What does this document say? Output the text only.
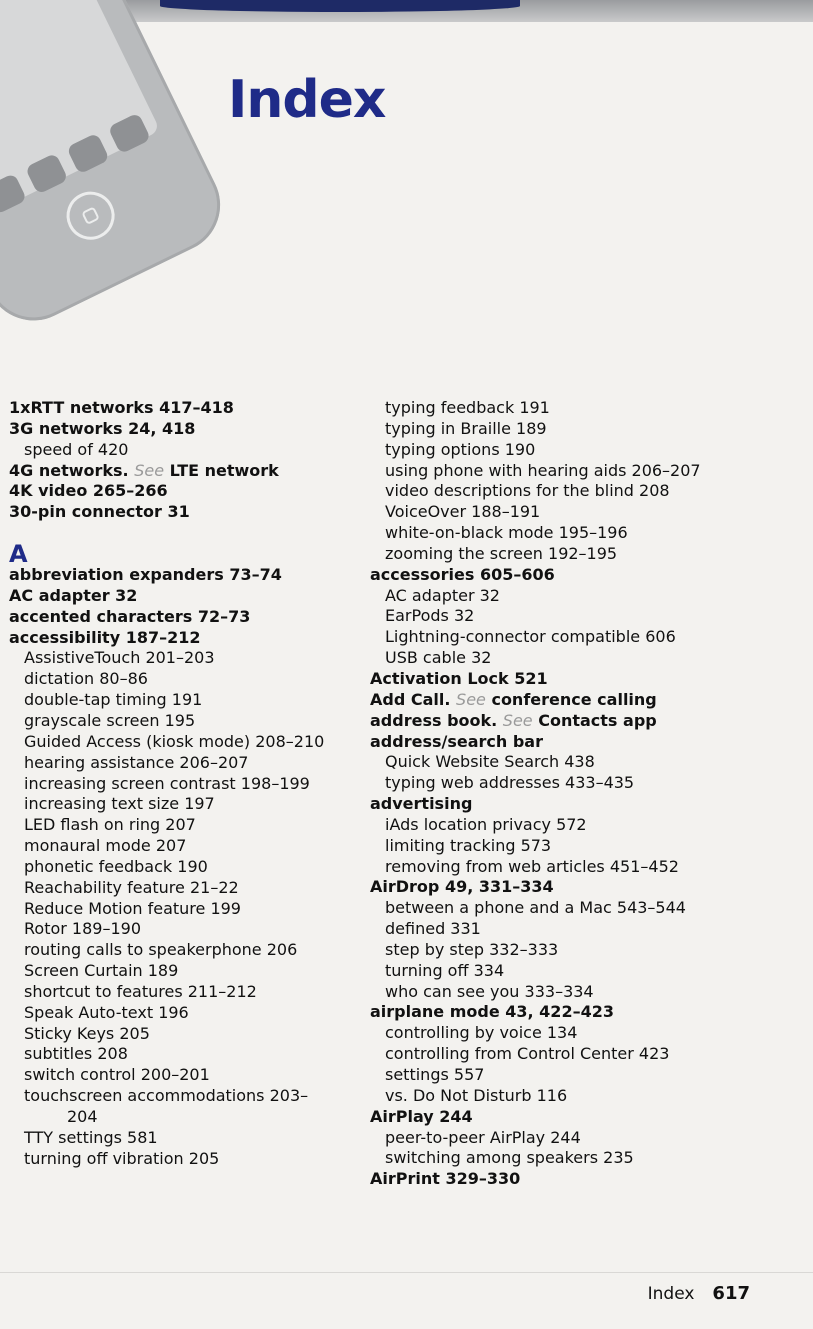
Index
1xRTT networks 417–418
3G networks 24, 418
speed of 420
4G networks. See LTE network
4K video 265–266
30-pin connector 31
A
abbreviation expanders 73–74
AC adapter 32
accented characters 72–73
accessibility 187–212
AssistiveTouch 201–203
dictation 80–86
double-tap timing 191
grayscale screen 195
Guided Access (kiosk mode) 208–210
hearing assistance 206–207
increasing screen contrast 198–199
increasing text size 197
LED flash on ring 207
monaural mode 207
phonetic feedback 190
Reachability feature 21–22
Reduce Motion feature 199
Rotor 189–190
routing calls to speakerphone 206
Screen Curtain 189
shortcut to features 211–212
Speak Auto-text 196
Sticky Keys 205
subtitles 208
switch control 200–201
touchscreen accommodations 203–
204
TTY settings 581
turning off vibration 205
typing feedback 191
typing in Braille 189
typing options 190
using phone with hearing aids 206–207
video descriptions for the blind 208
VoiceOver 188–191
white-on-black mode 195–196
zooming the screen 192–195
accessories 605–606
AC adapter 32
EarPods 32
Lightning-connector compatible 606
USB cable 32
Activation Lock 521
Add Call. See conference calling
address book. See Contacts app
address/search bar
Quick Website Search 438
typing web addresses 433–435
advertising
iAds location privacy 572
limiting tracking 573
removing from web articles 451–452
AirDrop 49, 331–334
between a phone and a Mac 543–544
defined 331
step by step 332–333
turning off 334
who can see you 333–334
airplane mode 43, 422–423
controlling by voice 134
controlling from Control Center 423
settings 557
vs. Do Not Disturb 116
AirPlay 244
peer-to-peer AirPlay 244
switching among speakers 235
AirPrint 329–330
Index 617
